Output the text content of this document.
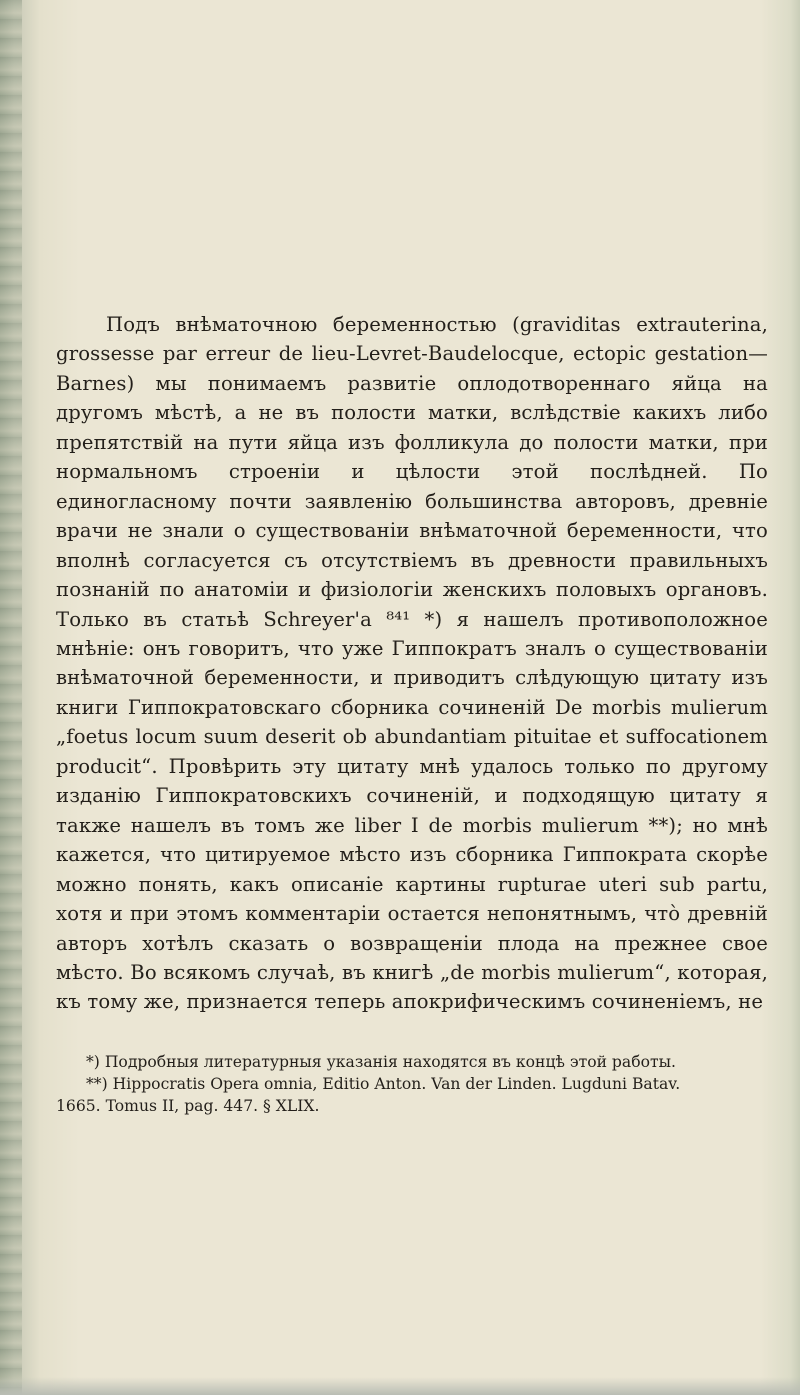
Подъ внѣматочною беременностью (graviditas extrauterina, grossesse par erreur de lieu-Levret-Baudelocque, ectopic gestation—Barnes) мы понимаемъ развитіе оплодотвореннаго яйца на другомъ мѣстѣ, а не въ полости матки, вслѣдствіе какихъ либо препятствій на пути яйца изъ фолликула до полости матки, при нормальномъ строеніи и цѣлости этой послѣдней. По единогласному почти заявленію большинства авторовъ, древніе врачи не знали о существованіи внѣматочной беременности, что вполнѣ согласуется съ отсутствіемъ въ древности правильныхъ познаній по анатоміи и физіологіи женскихъ половыхъ органовъ. Только въ статьѣ Schreyer'a ⁸⁴¹ *) я нашелъ противоположное мнѣніе: онъ говоритъ, что уже Гиппократъ зналъ о существованіи внѣматочной беременности, и приводитъ слѣдующую цитату изъ книги Гиппократовскаго сборника сочиненій De morbis mulierum „foetus locum suum deserit ob abundantiam pituitae et suffocationem producit“. Провѣрить эту цитату мнѣ удалось только по другому изданію Гиппократовскихъ сочиненій, и подходящую цитату я также нашелъ въ томъ же liber I de morbis mulierum **); но мнѣ кажется, что цитируемое мѣсто изъ сборника Гиппократа скорѣе можно понять, какъ описаніе картины rupturae uteri sub partu, хотя и при этомъ комментаріи остается непонятнымъ, чтò древній авторъ хотѣлъ сказать о возвращеніи плода на прежнее свое мѣсто. Во всякомъ случаѣ, въ книгѣ „de morbis mulierum“, которая, къ тому же, признается теперь апокрифическимъ сочиненіемъ, не

*) Подробныя литературныя указанія находятся въ концѣ этой работы.

**) Hippocratis Opera omnia, Editio Anton. Van der Linden. Lugduni Batav.

1665. Tomus II, pag. 447. § XLIX.
